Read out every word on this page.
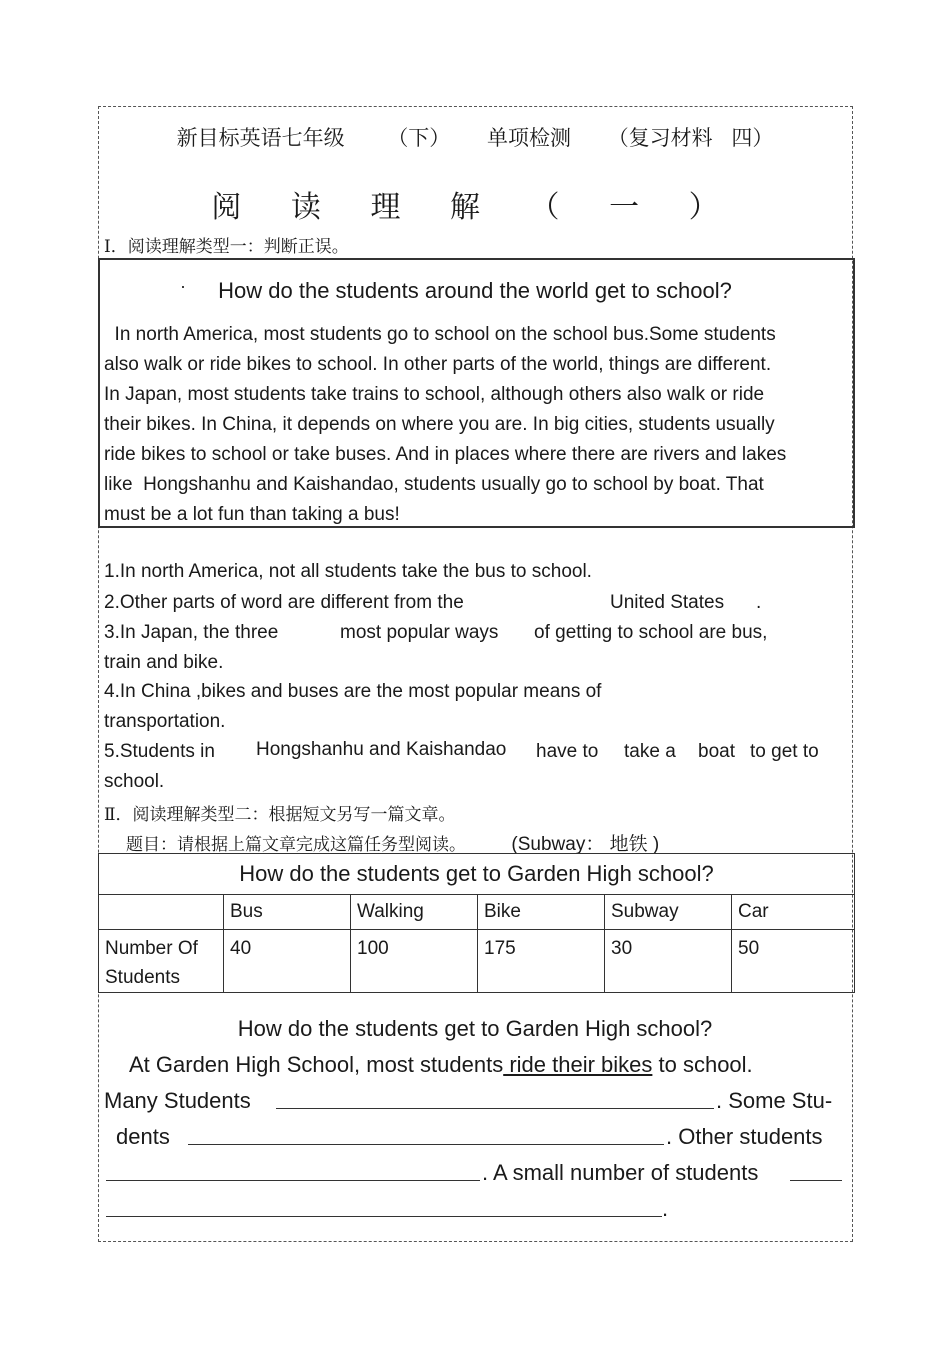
新目标英语七年级 （下） 单项检测 （复习材料 四）
阅 读 理 解 （ 一 ）
Ⅰ．阅读理解类型一：判断正误。
·	How do the students around the world get to school?

In north America, most students go to school on the school bus.Some students

also walk or ride bikes to school. In other parts of the world, things are different.

In Japan, most students take trains to school, although others also walk or ride

their bikes. In China, it depends on where you are. In big cities, students usually

ride bikes to school or take buses. And in places where there are rivers and lakes

like  Hongshanhu and Kaishandao, students usually go to school by boat. That

must be a lot fun than taking a bus!

1.In north America, not all students take the bus to school.
2.Other parts of word are different from the	United States .
3.In Japan, the three	most popular ways of getting to school are bus,
train and bike.
4.In China ,bikes and buses are the most popular means of
transportation.
5.Students in Hongshanhu and Kaishandao have to take a boat to get to
school.
Ⅱ．阅读理解类型二：根据短文另写一篇文章。
题目：请根据上篇文章完成这篇任务型阅读。 (Subway： 地铁 )
How do the students get to Garden High school?					
	Bus	Walking	Bike	Subway	Car
Number Of
Students	40	100	175	30	50
How do the students get to Garden High school?
At Garden High School, most students ride their bikes to school.
Many Students	. Some Stu-
dents	. Other students
. A small number of students
.
